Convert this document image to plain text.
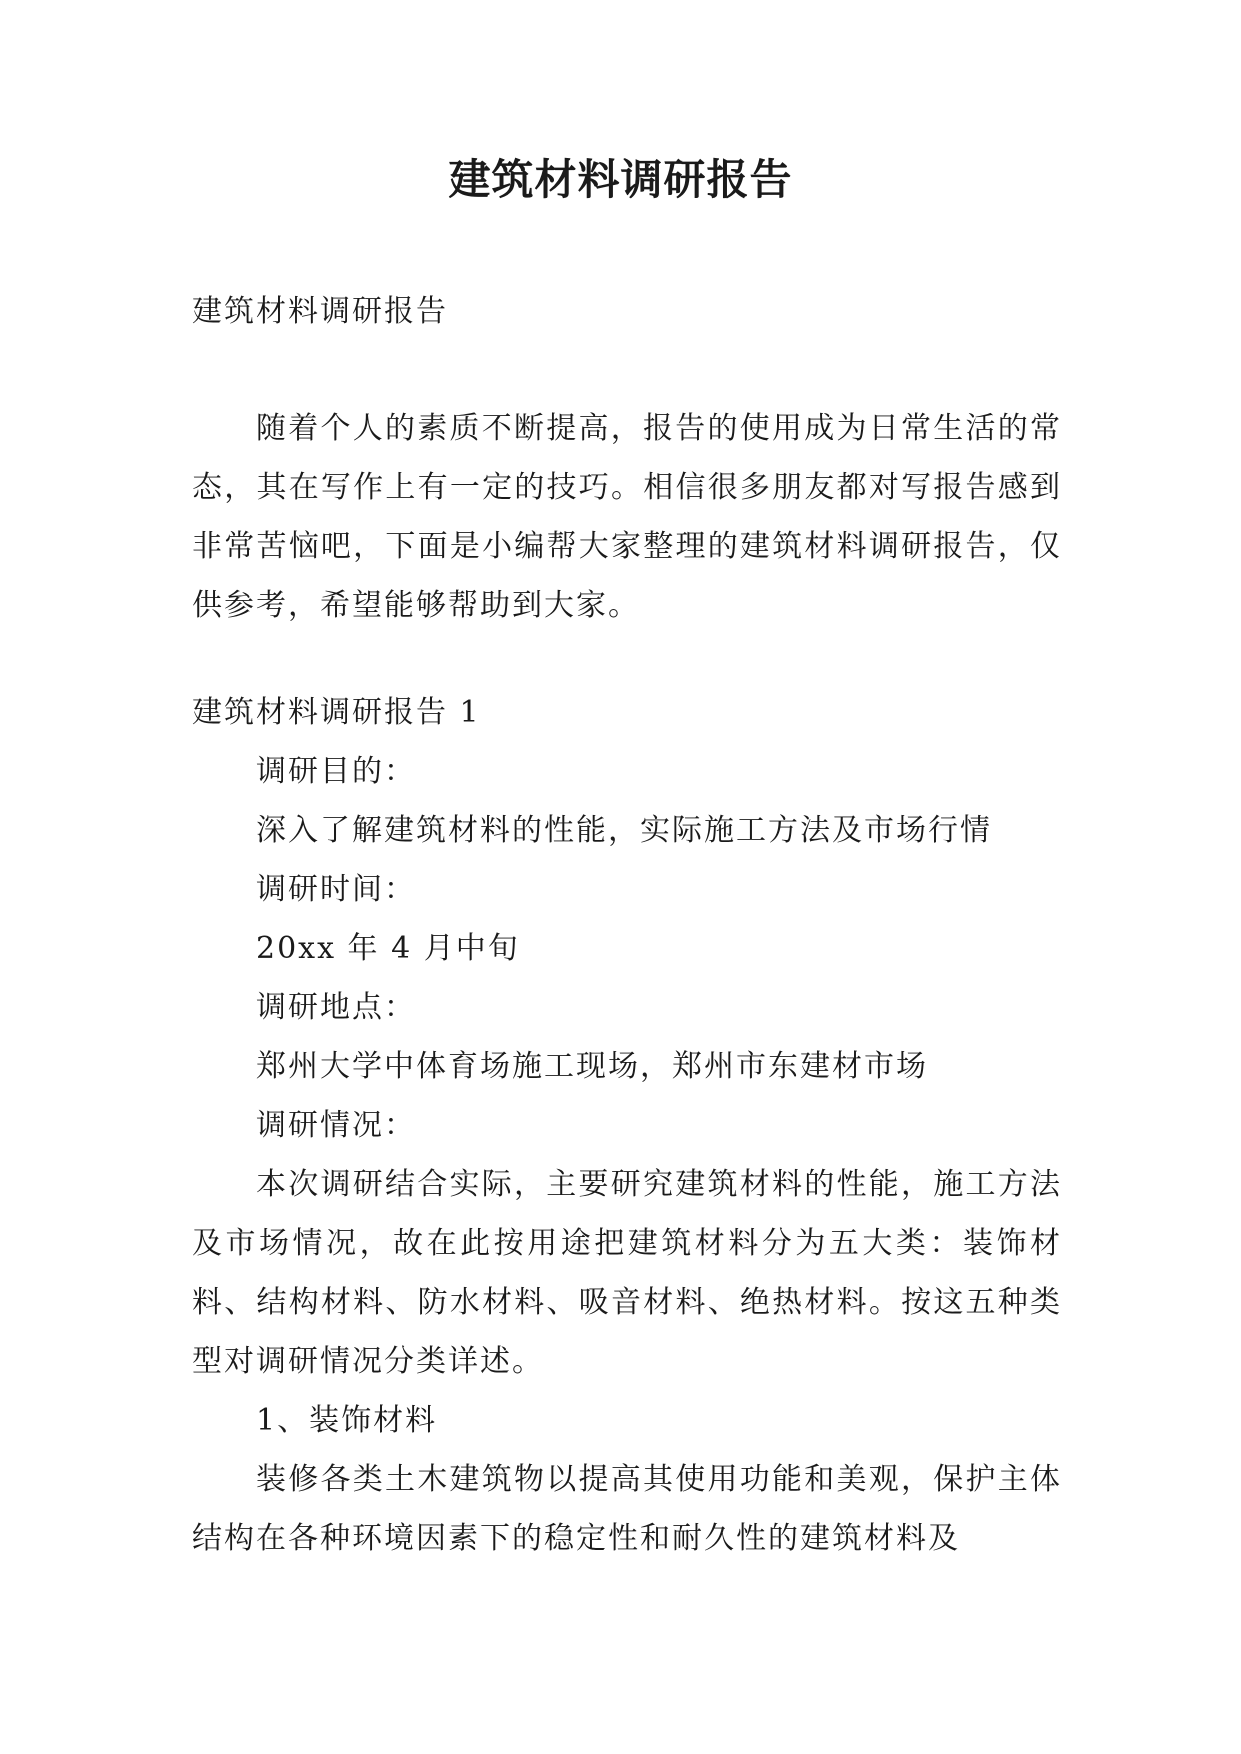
建筑材料调研报告

建筑材料调研报告

随着个人的素质不断提高，报告的使用成为日常生活的常态，其在写作上有一定的技巧。相信很多朋友都对写报告感到非常苦恼吧，下面是小编帮大家整理的建筑材料调研报告，仅供参考，希望能够帮助到大家。

建筑材料调研报告 1

调研目的：

深入了解建筑材料的性能，实际施工方法及市场行情

调研时间：

20xx 年 4 月中旬

调研地点：

郑州大学中体育场施工现场，郑州市东建材市场

调研情况：

本次调研结合实际，主要研究建筑材料的性能，施工方法及市场情况，故在此按用途把建筑材料分为五大类：装饰材料、结构材料、防水材料、吸音材料、绝热材料。按这五种类型对调研情况分类详述。

1、装饰材料

装修各类土木建筑物以提高其使用功能和美观，保护主体结构在各种环境因素下的稳定性和耐久性的建筑材料及
